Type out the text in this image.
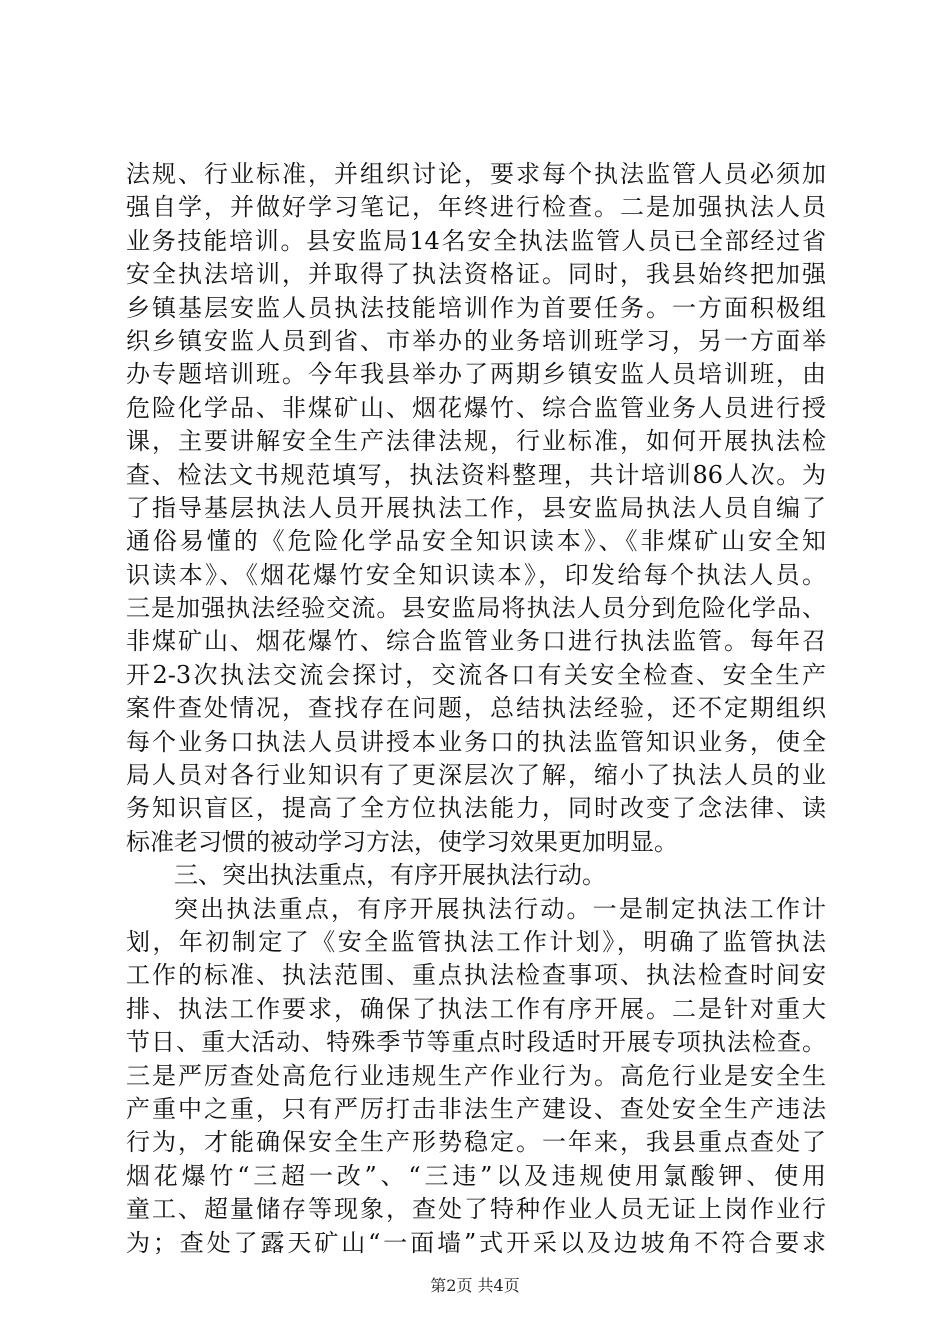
法规、行业标准，并组织讨论，要求每个执法监管人员必须加
强自学，并做好学习笔记，年终进行检查。二是加强执法人员
业务技能培训。县安监局14名安全执法监管人员已全部经过省
安全执法培训，并取得了执法资格证。同时，我县始终把加强
乡镇基层安监人员执法技能培训作为首要任务。一方面积极组
织乡镇安监人员到省、市举办的业务培训班学习，另一方面举
办专题培训班。今年我县举办了两期乡镇安监人员培训班，由
危险化学品、非煤矿山、烟花爆竹、综合监管业务人员进行授
课，主要讲解安全生产法律法规，行业标准，如何开展执法检
查、检法文书规范填写，执法资料整理，共计培训86人次。为
了指导基层执法人员开展执法工作，县安监局执法人员自编了
通俗易懂的《危险化学品安全知识读本》、《非煤矿山安全知
识读本》、《烟花爆竹安全知识读本》，印发给每个执法人员。
三是加强执法经验交流。县安监局将执法人员分到危险化学品、
非煤矿山、烟花爆竹、综合监管业务口进行执法监管。每年召
开2-3次执法交流会探讨，交流各口有关安全检查、安全生产
案件查处情况，查找存在问题，总结执法经验，还不定期组织
每个业务口执法人员讲授本业务口的执法监管知识业务，使全
局人员对各行业知识有了更深层次了解，缩小了执法人员的业
务知识盲区，提高了全方位执法能力，同时改变了念法律、读
标准老习惯的被动学习方法，使学习效果更加明显。
三、突出执法重点，有序开展执法行动。
突出执法重点，有序开展执法行动。一是制定执法工作计
划，年初制定了《安全监管执法工作计划》，明确了监管执法
工作的标准、执法范围、重点执法检查事项、执法检查时间安
排、执法工作要求，确保了执法工作有序开展。二是针对重大
节日、重大活动、特殊季节等重点时段适时开展专项执法检查。
三是严厉查处高危行业违规生产作业行为。高危行业是安全生
产重中之重，只有严厉打击非法生产建设、查处安全生产违法
行为，才能确保安全生产形势稳定。一年来，我县重点查处了
烟花爆竹“三超一改”、“三违”以及违规使用氯酸钾、使用
童工、超量储存等现象，查处了特种作业人员无证上岗作业行
为；查处了露天矿山“一面墙”式开采以及边坡角不符合要求
第2页 共4页
